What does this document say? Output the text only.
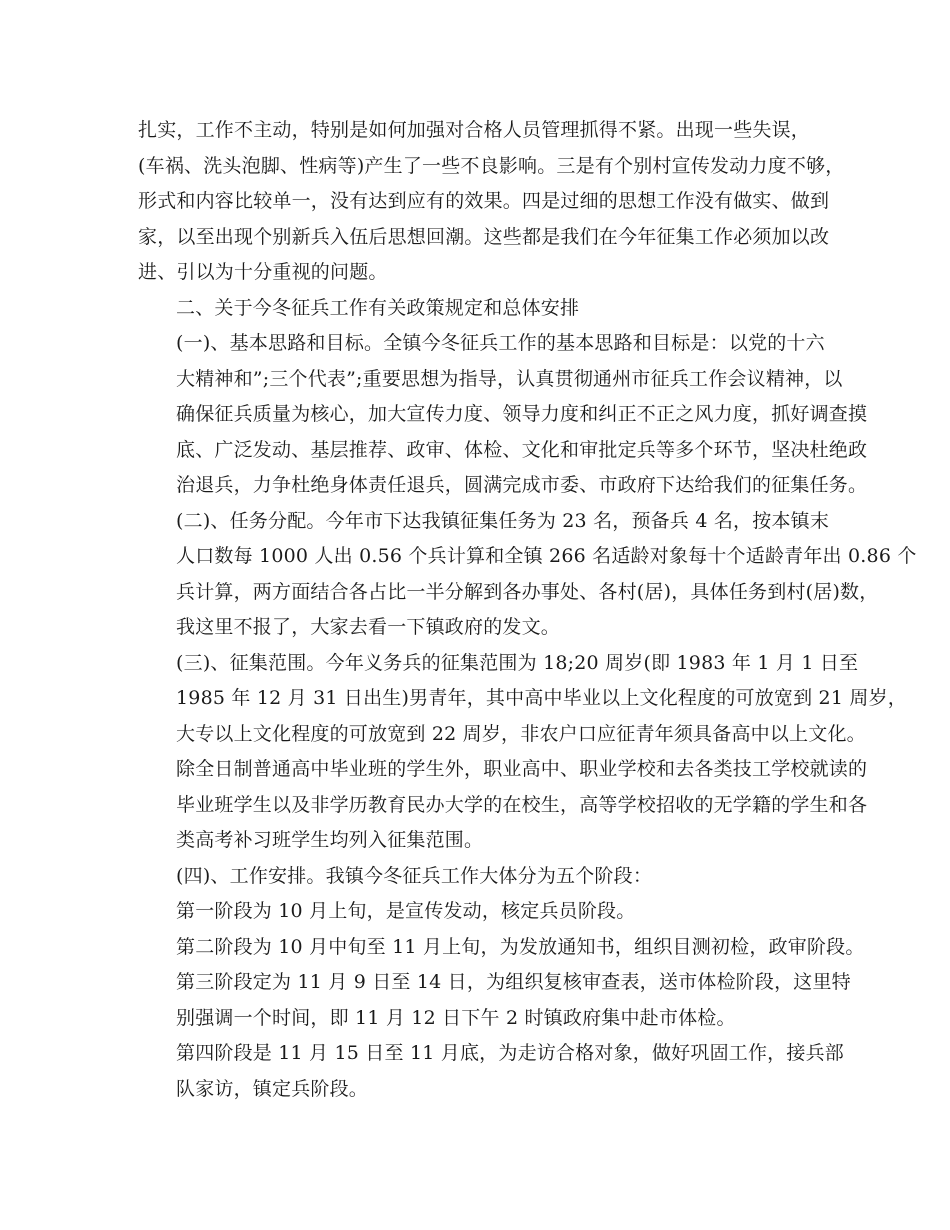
扎实，工作不主动，特别是如何加强对合格人员管理抓得不紧。出现一些失误，
(车祸、洗头泡脚、性病等)产生了一些不良影响。三是有个别村宣传发动力度不够，
形式和内容比较单一，没有达到应有的效果。四是过细的思想工作没有做实、做到
家，以至出现个别新兵入伍后思想回潮。这些都是我们在今年征集工作必须加以改
进、引以为十分重视的问题。

二、关于今冬征兵工作有关政策规定和总体安排

(一)、基本思路和目标。全镇今冬征兵工作的基本思路和目标是：以党的十六
大精神和”;三个代表”;重要思想为指导，认真贯彻通州市征兵工作会议精神，以
确保征兵质量为核心，加大宣传力度、领导力度和纠正不正之风力度，抓好调查摸
底、广泛发动、基层推荐、政审、体检、文化和审批定兵等多个环节，坚决杜绝政
治退兵，力争杜绝身体责任退兵，圆满完成市委、市政府下达给我们的征集任务。

(二)、任务分配。今年市下达我镇征集任务为 23 名，预备兵 4 名，按本镇末
人口数每 1000 人出 0.56 个兵计算和全镇 266 名适龄对象每十个适龄青年出 0.86 个
兵计算，两方面结合各占比一半分解到各办事处、各村(居)，具体任务到村(居)数，
我这里不报了，大家去看一下镇政府的发文。

(三)、征集范围。今年义务兵的征集范围为 18;20 周岁(即 1983 年 1 月 1 日至
1985 年 12 月 31 日出生)男青年，其中高中毕业以上文化程度的可放宽到 21 周岁，
大专以上文化程度的可放宽到 22 周岁，非农户口应征青年须具备高中以上文化。
除全日制普通高中毕业班的学生外，职业高中、职业学校和去各类技工学校就读的
毕业班学生以及非学历教育民办大学的在校生，高等学校招收的无学籍的学生和各
类高考补习班学生均列入征集范围。

(四)、工作安排。我镇今冬征兵工作大体分为五个阶段：

第一阶段为 10 月上旬，是宣传发动，核定兵员阶段。

第二阶段为 10 月中旬至 11 月上旬，为发放通知书，组织目测初检，政审阶段。

第三阶段定为 11 月 9 日至 14 日，为组织复核审查表，送市体检阶段，这里特
别强调一个时间，即 11 月 12 日下午 2 时镇政府集中赴市体检。

第四阶段是 11 月 15 日至 11 月底，为走访合格对象，做好巩固工作，接兵部
队家访，镇定兵阶段。
